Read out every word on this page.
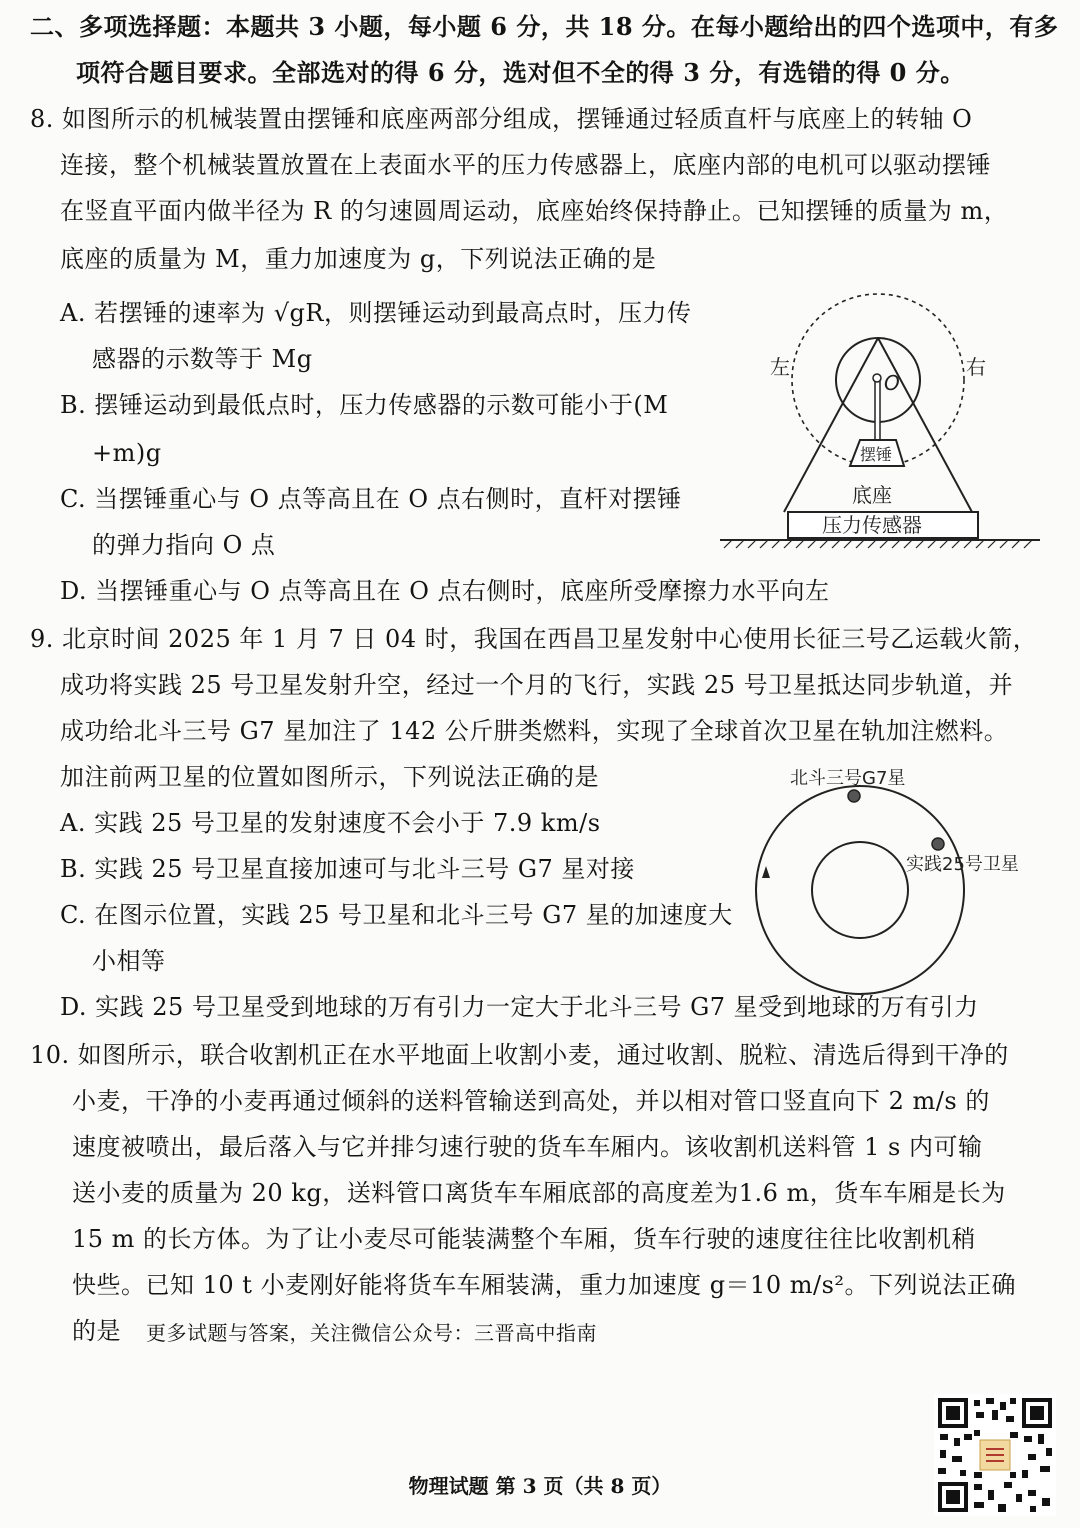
二、多项选择题：本题共 3 小题，每小题 6 分，共 18 分。在每小题给出的四个选项中，有多
项符合题目要求。全部选对的得 6 分，选对但不全的得 3 分，有选错的得 0 分。
8. 如图所示的机械装置由摆锤和底座两部分组成，摆锤通过轻质直杆与底座上的转轴 O
连接，整个机械装置放置在上表面水平的压力传感器上，底座内部的电机可以驱动摆锤
在竖直平面内做半径为 R 的匀速圆周运动，底座始终保持静止。已知摆锤的质量为 m，
底座的质量为 M，重力加速度为 g，下列说法正确的是
A. 若摆锤的速率为 √gR，则摆锤运动到最高点时，压力传
感器的示数等于 Mg
B. 摆锤运动到最低点时，压力传感器的示数可能小于(M
+m)g
C. 当摆锤重心与 O 点等高且在 O 点右侧时，直杆对摆锤
的弹力指向 O 点
D. 当摆锤重心与 O 点等高且在 O 点右侧时，底座所受摩擦力水平向左
左	右
O
摆锤
底座
压力传感器
9. 北京时间 2025 年 1 月 7 日 04 时，我国在西昌卫星发射中心使用长征三号乙运载火箭，
成功将实践 25 号卫星发射升空，经过一个月的飞行，实践 25 号卫星抵达同步轨道，并
成功给北斗三号 G7 星加注了 142 公斤肼类燃料，实现了全球首次卫星在轨加注燃料。
加注前两卫星的位置如图所示，下列说法正确的是
A. 实践 25 号卫星的发射速度不会小于 7.9 km/s
B. 实践 25 号卫星直接加速可与北斗三号 G7 星对接
C. 在图示位置，实践 25 号卫星和北斗三号 G7 星的加速度大
小相等
D. 实践 25 号卫星受到地球的万有引力一定大于北斗三号 G7 星受到地球的万有引力
北斗三号G7星
实践25号卫星
10. 如图所示，联合收割机正在水平地面上收割小麦，通过收割、脱粒、清选后得到干净的
小麦，干净的小麦再通过倾斜的送料管输送到高处，并以相对管口竖直向下 2 m/s 的
速度被喷出，最后落入与它并排匀速行驶的货车车厢内。该收割机送料管 1 s 内可输
送小麦的质量为 20 kg，送料管口离货车车厢底部的高度差为1.6 m，货车车厢是长为
15 m 的长方体。为了让小麦尽可能装满整个车厢，货车行驶的速度往往比收割机稍
快些。已知 10 t 小麦刚好能将货车车厢装满，重力加速度 g＝10 m/s²。下列说法正确
的是 更多试题与答案，关注微信公众号：三晋高中指南
物理试题 第 3 页（共 8 页）
